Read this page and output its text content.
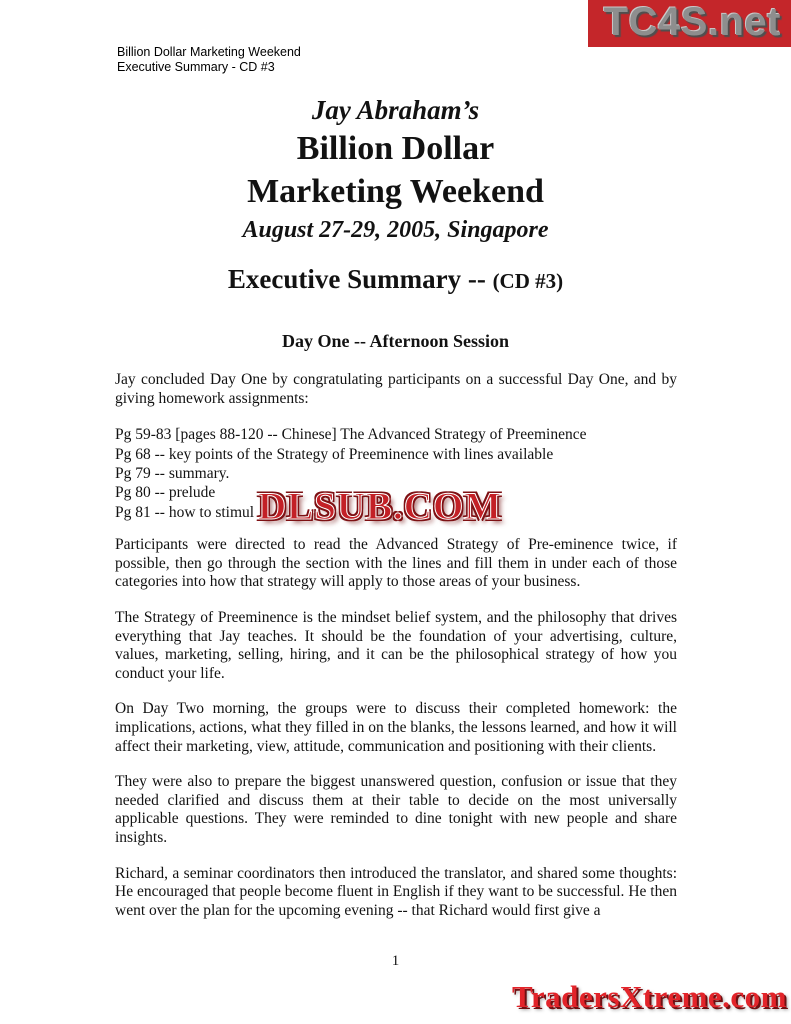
TC4S.net
Billion Dollar Marketing Weekend
Executive Summary - CD #3
Jay Abraham’s
Billion Dollar
Marketing Weekend
August 27-29, 2005, Singapore
Executive Summary -- (CD #3)
Day One -- Afternoon Session

Jay concluded Day One by congratulating participants on a successful Day One, and by giving homework assignments:

Pg 59-83 [pages 88-120 -- Chinese] The Advanced Strategy of Preeminence
Pg 68 -- key points of the Strategy of Preeminence with lines available
Pg 79 -- summary.
Pg 80 -- prelude
Pg 81 -- how to stimul

Participants were directed to read the Advanced Strategy of Pre-eminence twice, if possible, then go through the section with the lines and fill them in under each of those categories into how that strategy will apply to those areas of your business.

The Strategy of Preeminence is the mindset belief system, and the philosophy that drives everything that Jay teaches. It should be the foundation of your advertising, culture, values, marketing, selling, hiring, and it can be the philosophical strategy of how you conduct your life.

On Day Two morning, the groups were to discuss their completed homework: the implications, actions, what they filled in on the blanks, the lessons learned, and how it will affect their marketing, view, attitude, communication and positioning with their clients.

They were also to prepare the biggest unanswered question, confusion or issue that they needed clarified and discuss them at their table to decide on the most universally applicable questions. They were reminded to dine tonight with new people and share insights.

Richard, a seminar coordinators then introduced the translator, and shared some thoughts: He encouraged that people become fluent in English if they want to be successful. He then went over the plan for the upcoming evening -- that Richard would first give a

DLSUB.COM
1
TradersXtreme.com
